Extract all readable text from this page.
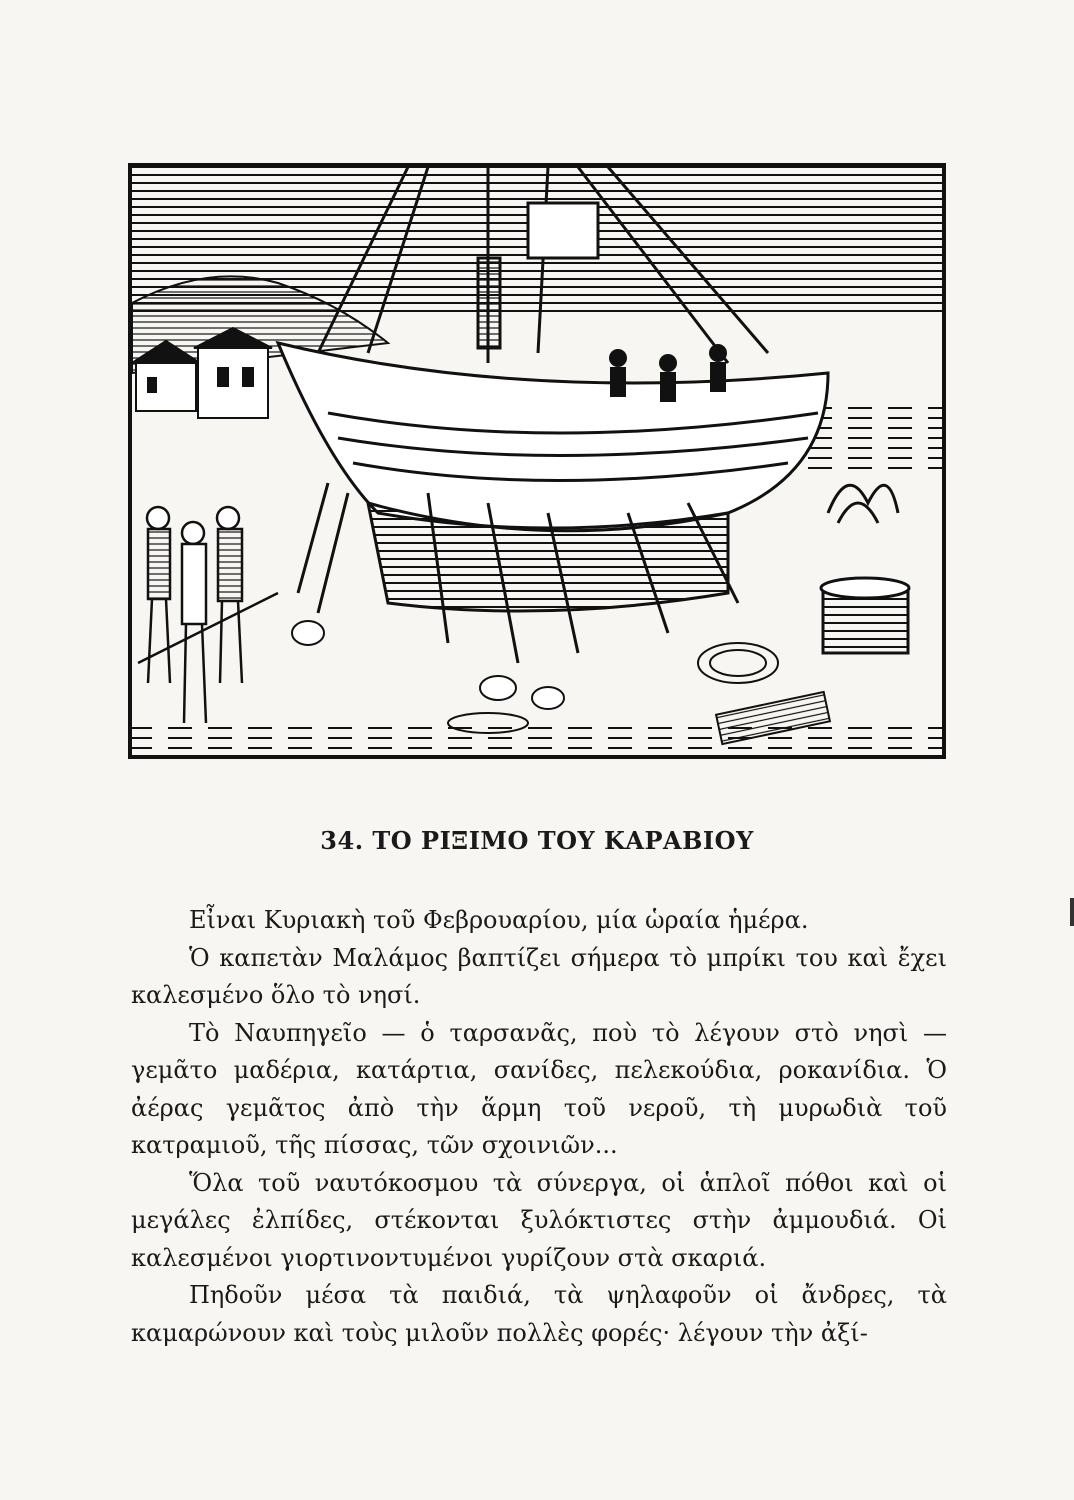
34. ΤΟ ΡΙΞΙΜΟ ΤΟΥ ΚΑΡΑΒΙΟΥ

Εἶναι Κυριακὴ τοῦ Φεβρουαρίου, μία ὡραία ἡμέρα.

Ὁ καπετὰν Μαλάμος βαπτίζει σήμερα τὸ μπρίκι του καὶ ἔχει καλεσμένο ὅλο τὸ νησί.

Τὸ Ναυπηγεῖο — ὁ ταρσανᾶς, ποὺ τὸ λέγουν στὸ νησὶ — γεμᾶτο μαδέρια, κατάρτια, σανίδες, πελεκούδια, ροκανίδια. Ὁ ἀέρας γεμᾶτος ἀπὸ τὴν ἅρμη τοῦ νεροῦ, τὴ μυρωδιὰ τοῦ κατραμιοῦ, τῆς πίσσας, τῶν σχοινιῶν...

Ὅλα τοῦ ναυτόκοσμου τὰ σύνεργα, οἱ ἁπλοῖ πόθοι καὶ οἱ μεγάλες ἐλπίδες, στέκονται ξυλόκτιστες στὴν ἀμμουδιά. Οἱ καλεσμένοι γιορτινοντυμένοι γυρίζουν στὰ σκαριά.

Πηδοῦν μέσα τὰ παιδιά, τὰ ψηλαφοῦν οἱ ἄνδρες, τὰ καμαρώνουν καὶ τοὺς μιλοῦν πολλὲς φορές· λέγουν τὴν ἀξί-
